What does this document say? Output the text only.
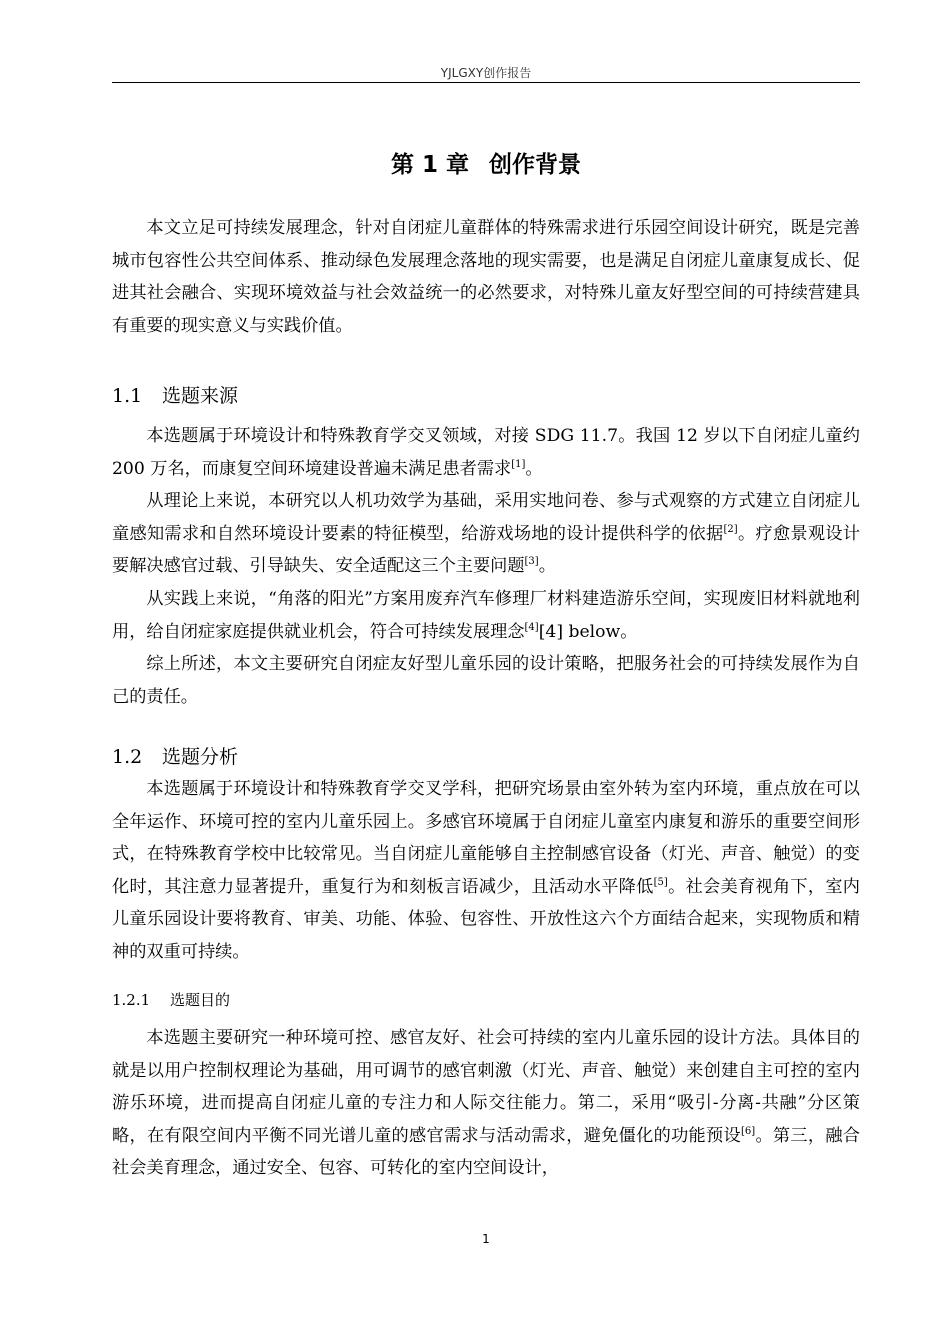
YJLGXY创作报告
第 1 章 创作背景

本文立足可持续发展理念，针对自闭症儿童群体的特殊需求进行乐园空间设计研究，既是完善城市包容性公共空间体系、推动绿色发展理念落地的现实需要，也是满足自闭症儿童康复成长、促进其社会融合、实现环境效益与社会效益统一的必然要求，对特殊儿童友好型空间的可持续营建具有重要的现实意义与实践价值。

1.1 选题来源

本选题属于环境设计和特殊教育学交叉领域，对接 SDG 11.7。我国 12 岁以下自闭症儿童约 200 万名，而康复空间环境建设普遍未满足患者需求[1]。

从理论上来说，本研究以人机功效学为基础，采用实地问卷、参与式观察的方式建立自闭症儿童感知需求和自然环境设计要素的特征模型，给游戏场地的设计提供科学的依据[2]。疗愈景观设计要解决感官过载、引导缺失、安全适配这三个主要问题[3]。

从实践上来说，“角落的阳光”方案用废弃汽车修理厂材料建造游乐空间，实现废旧材料就地利用，给自闭症家庭提供就业机会，符合可持续发展理念[4][4] below。

综上所述，本文主要研究自闭症友好型儿童乐园的设计策略，把服务社会的可持续发展作为自己的责任。

1.2 选题分析

本选题属于环境设计和特殊教育学交叉学科，把研究场景由室外转为室内环境，重点放在可以全年运作、环境可控的室内儿童乐园上。多感官环境属于自闭症儿童室内康复和游乐的重要空间形式，在特殊教育学校中比较常见。当自闭症儿童能够自主控制感官设备（灯光、声音、触觉）的变化时，其注意力显著提升，重复行为和刻板言语减少，且活动水平降低[5]。社会美育视角下，室内儿童乐园设计要将教育、审美、功能、体验、包容性、开放性这六个方面结合起来，实现物质和精神的双重可持续。

1.2.1 选题目的

本选题主要研究一种环境可控、感官友好、社会可持续的室内儿童乐园的设计方法。具体目的就是以用户控制权理论为基础，用可调节的感官刺激（灯光、声音、触觉）来创建自主可控的室内游乐环境，进而提高自闭症儿童的专注力和人际交往能力。第二，采用“吸引-分离-共融”分区策略，在有限空间内平衡不同光谱儿童的感官需求与活动需求，避免僵化的功能预设[6]。第三，融合社会美育理念，通过安全、包容、可转化的室内空间设计，

1
